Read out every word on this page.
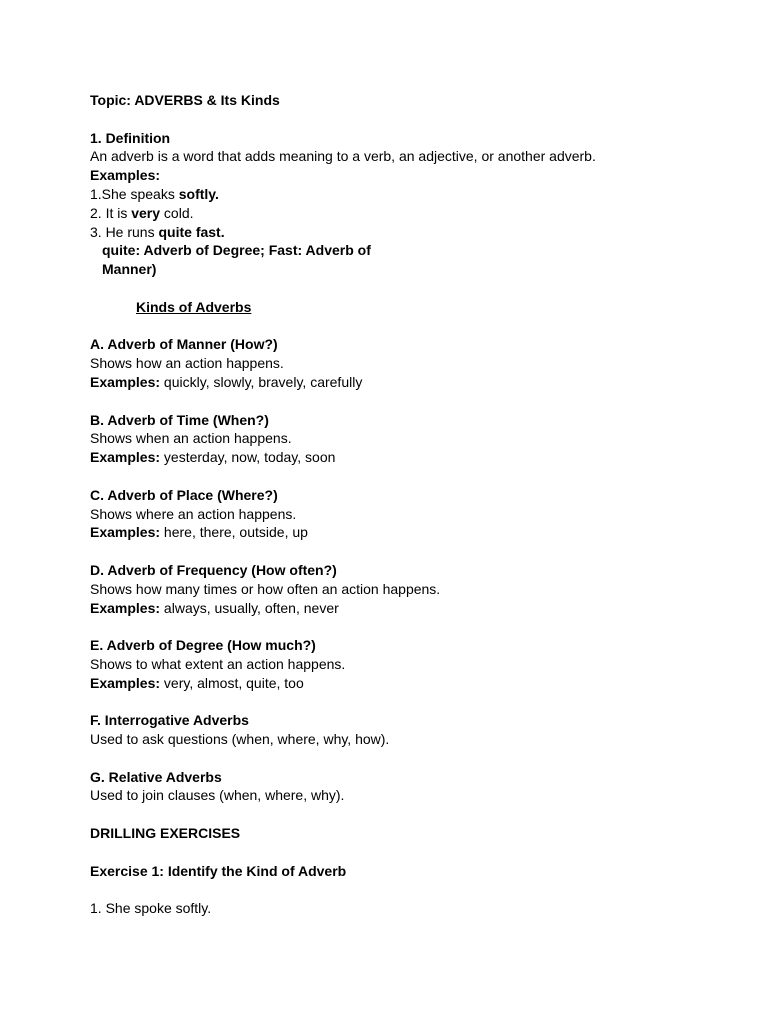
Topic: ADVERBS & Its Kinds
1. Definition
An adverb is a word that adds meaning to a verb, an adjective, or another adverb.
Examples:
1.She speaks softly.
2. It is very cold.
3. He runs quite fast.
quite: Adverb of Degree; Fast: Adverb of
Manner)
Kinds of Adverbs
A. Adverb of Manner (How?)
Shows how an action happens.
Examples: quickly, slowly, bravely, carefully
B. Adverb of Time (When?)
Shows when an action happens.
Examples: yesterday, now, today, soon
C. Adverb of Place (Where?)
Shows where an action happens.
Examples: here, there, outside, up
D. Adverb of Frequency (How often?)
Shows how many times or how often an action happens.
Examples: always, usually, often, never
E. Adverb of Degree (How much?)
Shows to what extent an action happens.
Examples: very, almost, quite, too
F. Interrogative Adverbs
Used to ask questions (when, where, why, how).
G. Relative Adverbs
Used to join clauses (when, where, why).
DRILLING EXERCISES
Exercise 1: Identify the Kind of Adverb
1. She spoke softly.
